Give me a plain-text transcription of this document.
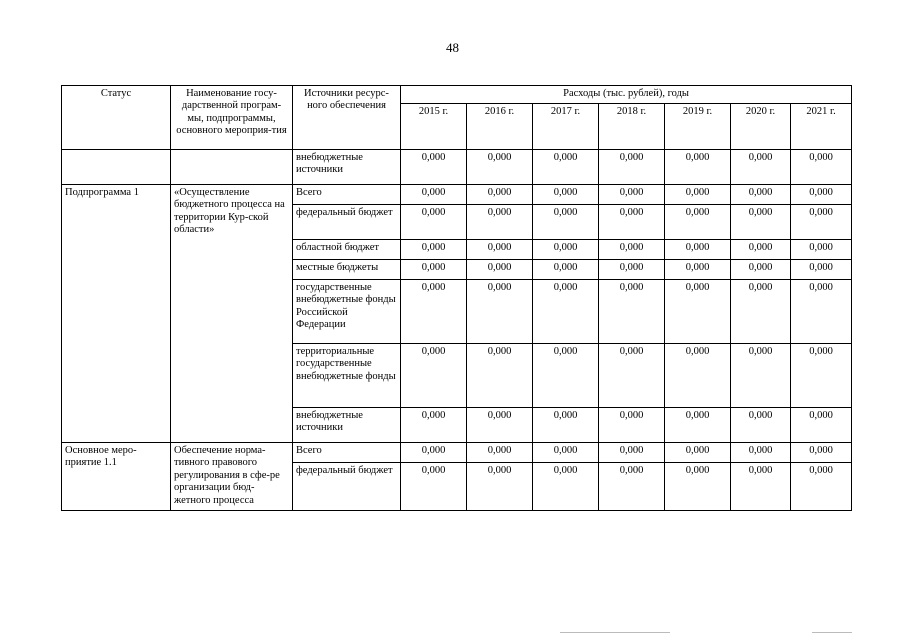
48
Статус	Наименование госу-дарственной програм-мы, подпрограммы, основного мероприя-тия	Источники ресурс-ного обеспечения	Расходы (тыс. рублей), годы						
			2015 г.	2016 г.	2017 г.	2018 г.	2019 г.	2020 г.	2021 г.
		внебюджетные источники	0,000	0,000	0,000	0,000	0,000	0,000	0,000
Подпрограмма 1	«Осуществление бюджетного процесса на территории Кур-ской области»	Всего	0,000	0,000	0,000	0,000	0,000	0,000	0,000
		федеральный бюджет	0,000	0,000	0,000	0,000	0,000	0,000	0,000
		областной бюджет	0,000	0,000	0,000	0,000	0,000	0,000	0,000
		местные бюджеты	0,000	0,000	0,000	0,000	0,000	0,000	0,000
		государственные внебюджетные фонды Российской Федерации	0,000	0,000	0,000	0,000	0,000	0,000	0,000
		территориальные государственные внебюджетные фонды	0,000	0,000	0,000	0,000	0,000	0,000	0,000
		внебюджетные источники	0,000	0,000	0,000	0,000	0,000	0,000	0,000
Основное меро-приятие 1.1	Обеспечение норма-тивного правового регулирования в сфе-ре организации бюд-жетного процесса	Всего	0,000	0,000	0,000	0,000	0,000	0,000	0,000
		федеральный бюджет	0,000	0,000	0,000	0,000	0,000	0,000	0,000
